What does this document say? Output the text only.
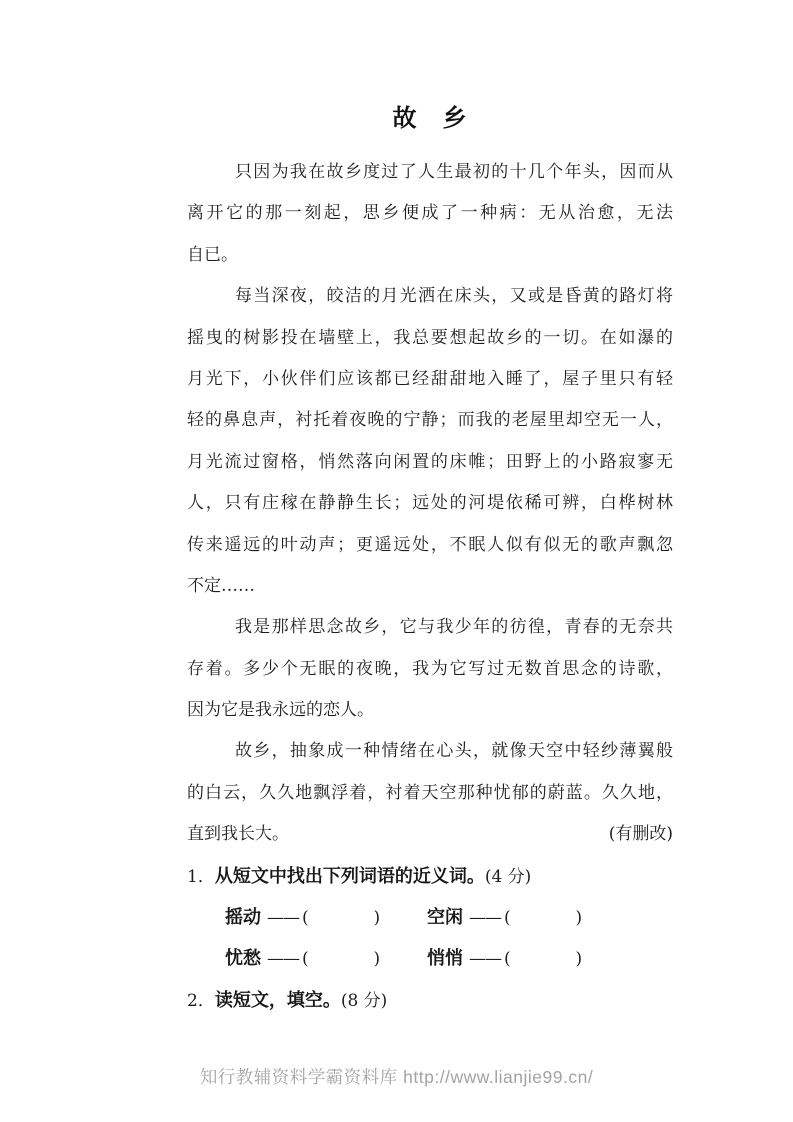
故　乡
只因为我在故乡度过了人生最初的十几个年头，因而从
离开它的那一刻起，思乡便成了一种病：无从治愈，无法
自已。
每当深夜，皎洁的月光洒在床头，又或是昏黄的路灯将
摇曳的树影投在墙壁上，我总要想起故乡的一切。在如瀑的
月光下，小伙伴们应该都已经甜甜地入睡了，屋子里只有轻
轻的鼻息声，衬托着夜晚的宁静；而我的老屋里却空无一人，
月光流过窗格，悄然落向闲置的床帷；田野上的小路寂寥无
人，只有庄稼在静静生长；远处的河堤依稀可辨，白桦树林
传来遥远的叶动声；更遥远处，不眠人似有似无的歌声飘忽
不定……
我是那样思念故乡，它与我少年的彷徨，青春的无奈共
存着。多少个无眠的夜晚，我为它写过无数首思念的诗歌，
因为它是我永远的恋人。
故乡，抽象成一种情绪在心头，就像天空中轻纱薄翼般
的白云，久久地飘浮着，衬着天空那种忧郁的蔚蓝。久久地，
直到我长大。	(有删改)
1．从短文中找出下列词语的近义词。(4 分)
摇动 —— (            )	空闲 —— (            )
忧愁 —— (            )	悄悄 —— (            )
2．读短文，填空。(8 分)
知行教辅资料学霸资料库 http://www.lianjie99.cn/
